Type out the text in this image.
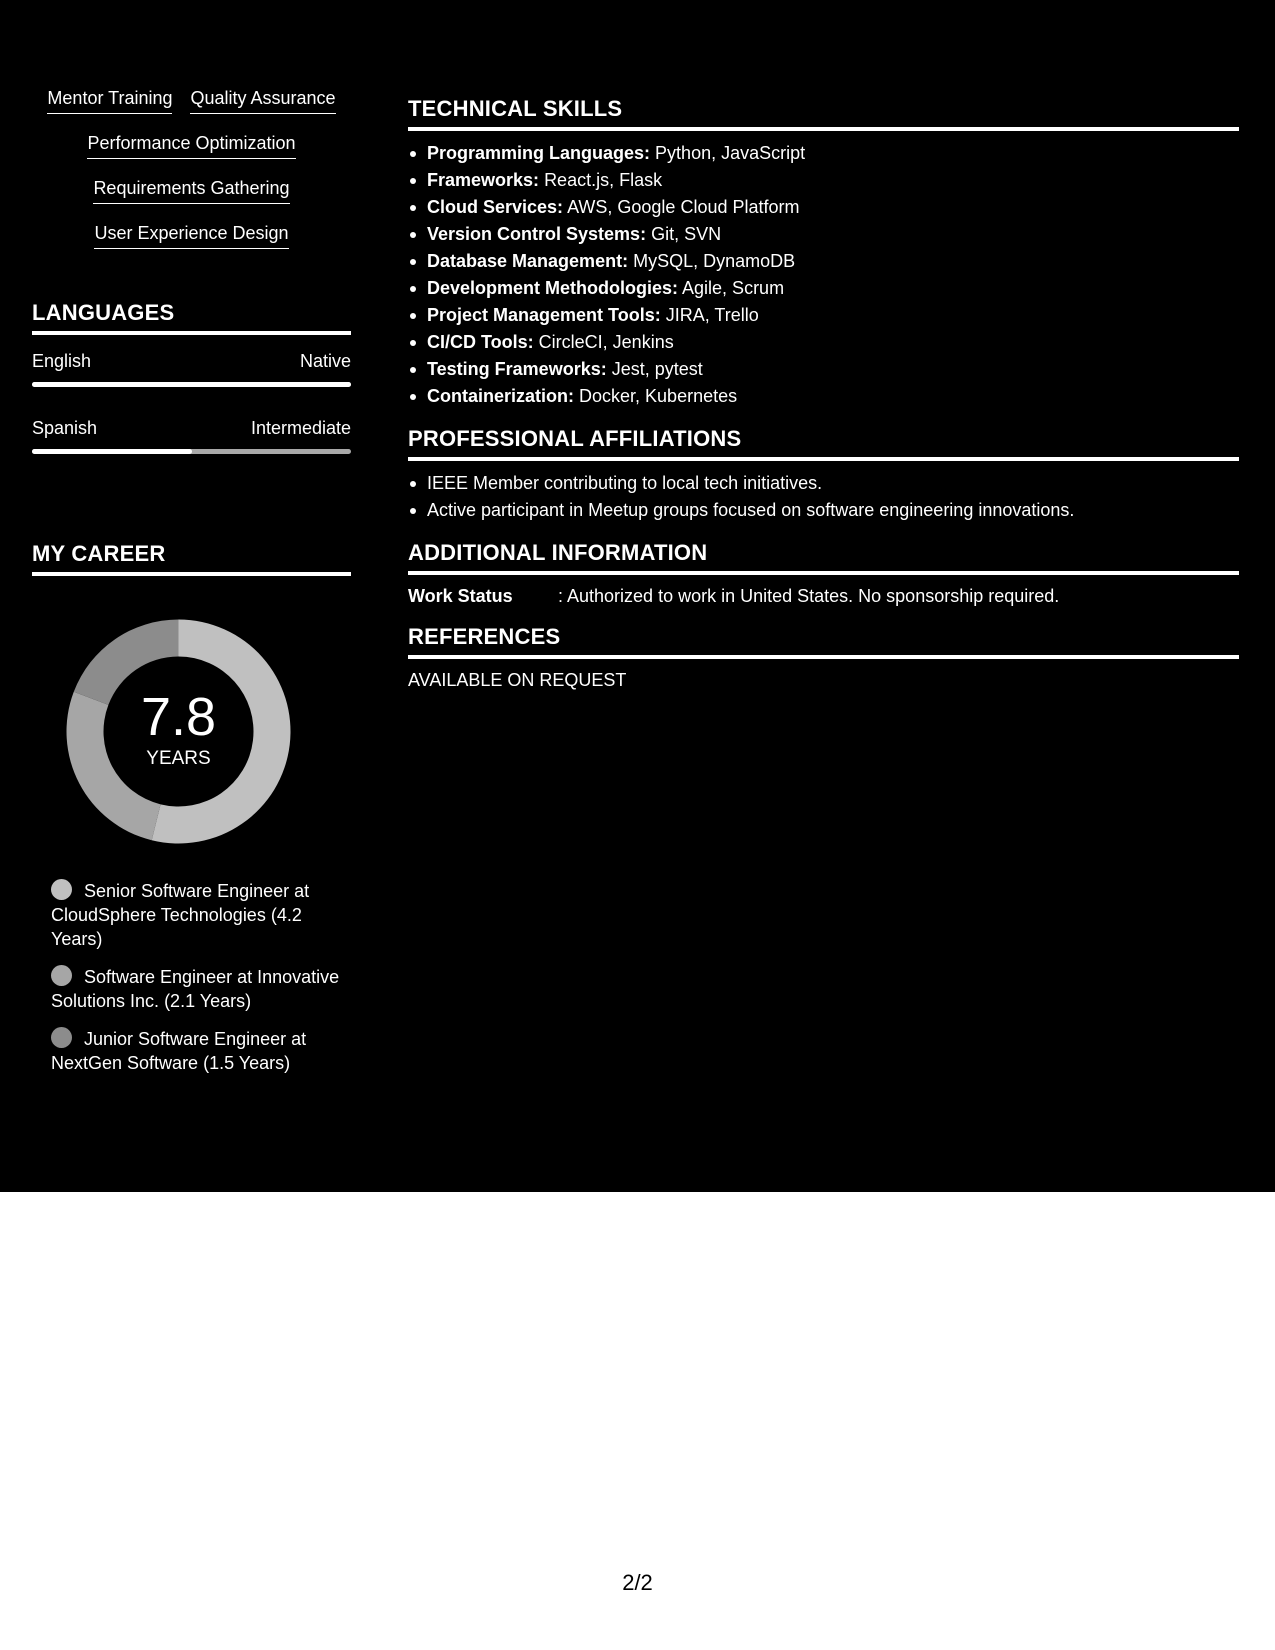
Mentor Training Quality Assurance
Performance Optimization
Requirements Gathering
User Experience Design
LANGUAGES
English	Native
Spanish	Intermediate
MY CAREER
7.8
YEARS
Senior Software Engineer at CloudSphere Technologies (4.2 Years)
Software Engineer at Innovative Solutions Inc. (2.1 Years)
Junior Software Engineer at NextGen Software (1.5 Years)
TECHNICAL SKILLS
Programming Languages: Python, JavaScript
Frameworks: React.js, Flask
Cloud Services: AWS, Google Cloud Platform
Version Control Systems: Git, SVN
Database Management: MySQL, DynamoDB
Development Methodologies: Agile, Scrum
Project Management Tools: JIRA, Trello
CI/CD Tools: CircleCI, Jenkins
Testing Frameworks: Jest, pytest
Containerization: Docker, Kubernetes
PROFESSIONAL AFFILIATIONS
IEEE Member contributing to local tech initiatives.
Active participant in Meetup groups focused on software engineering innovations.
ADDITIONAL INFORMATION
Work Status	: Authorized to work in United States. No sponsorship required.
REFERENCES
AVAILABLE ON REQUEST
2/2
